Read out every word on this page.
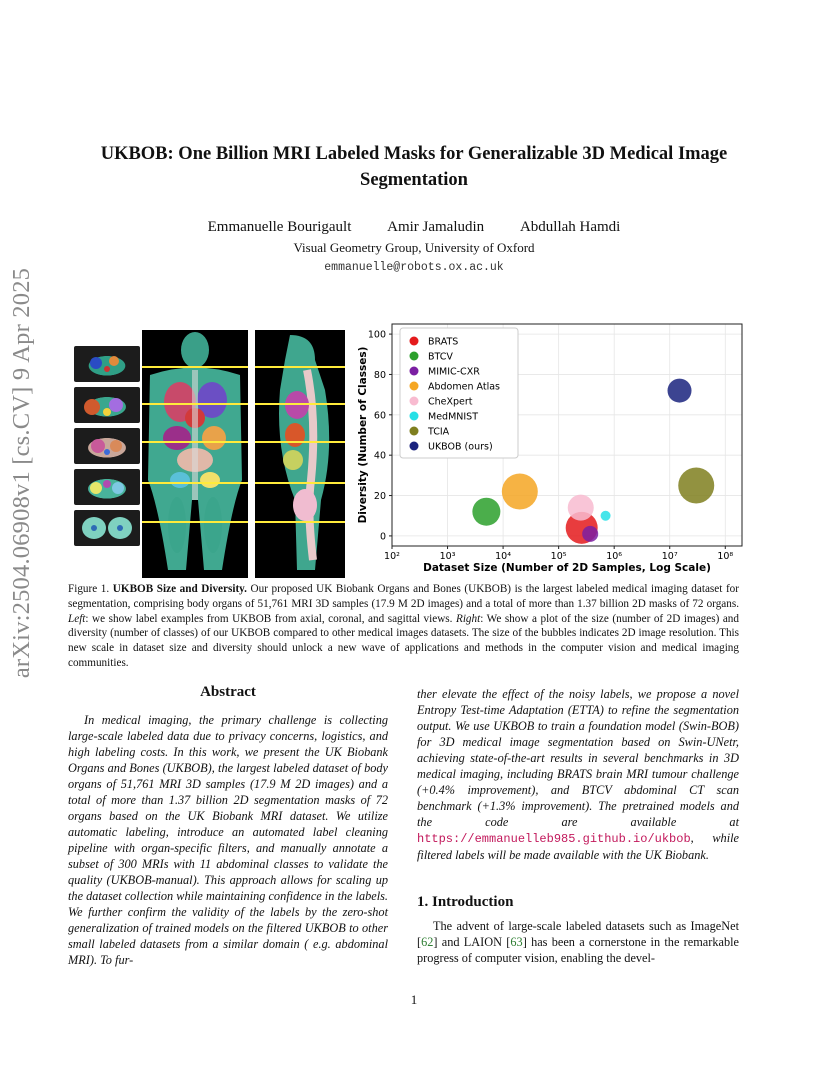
arXiv:2504.06908v1 [cs.CV] 9 Apr 2025
UKBOB: One Billion MRI Labeled Masks for Generalizable 3D Medical Image Segmentation
Emmanuelle Bourigault Amir Jamaludin Abdullah Hamdi
Visual Geometry Group, University of Oxford
emmanuelle@robots.ox.ac.uk
0
20
40
60
80
100
10²	10³	10⁴	10⁵	10⁶	10⁷	10⁸
BRATS
BTCV
MIMIC-CXR
Abdomen Atlas
CheXpert
MedMNIST
TCIA
UKBOB (ours)
Dataset Size (Number of 2D Samples, Log Scale)
Diversity (Number of Classes)
Figure 1. UKBOB Size and Diversity. Our proposed UK Biobank Organs and Bones (UKBOB) is the largest labeled medical imaging dataset for segmentation, comprising body organs of 51,761 MRI 3D samples (17.9 M 2D images) and a total of more than 1.37 billion 2D masks of 72 organs. Left: we show label examples from UKBOB from axial, coronal, and sagittal views. Right: We show a plot of the size (number of 2D images) and diversity (number of classes) of our UKBOB compared to other medical images datasets. The size of the bubbles indicates 2D image resolution. This new scale in dataset size and diversity should unlock a new wave of applications and methods in the computer vision and medical imaging communities.
Abstract
In medical imaging, the primary challenge is collecting large-scale labeled data due to privacy concerns, logistics, and high labeling costs. In this work, we present the UK Biobank Organs and Bones (UKBOB), the largest labeled dataset of body organs of 51,761 MRI 3D samples (17.9 M 2D images) and a total of more than 1.37 billion 2D segmentation masks of 72 organs based on the UK Biobank MRI dataset. We utilize automatic labeling, introduce an automated label cleaning pipeline with organ-specific filters, and manually annotate a subset of 300 MRIs with 11 abdominal classes to validate the quality (UKBOB-manual). This approach allows for scaling up the dataset collection while maintaining confidence in the labels. We further confirm the validity of the labels by the zero-shot generalization of trained models on the filtered UKBOB to other small labeled datasets from a similar domain ( e.g. abdominal MRI). To fur-
ther elevate the effect of the noisy labels, we propose a novel Entropy Test-time Adaptation (ETTA) to refine the segmentation output. We use UKBOB to train a foundation model (Swin-BOB) for 3D medical image segmentation based on Swin-UNetr, achieving state-of-the-art results in several benchmarks in 3D medical imaging, including BRATS brain MRI tumour challenge (+0.4% improvement), and BTCV abdominal CT scan benchmark (+1.3% improvement). The pretrained models and the code are available at https://emmanuelleb985.github.io/ukbob, while filtered labels will be made available with the UK Biobank.
1. Introduction
The advent of large-scale labeled datasets such as ImageNet [62] and LAION [63] has been a cornerstone in the remarkable progress of computer vision, enabling the devel-
1
